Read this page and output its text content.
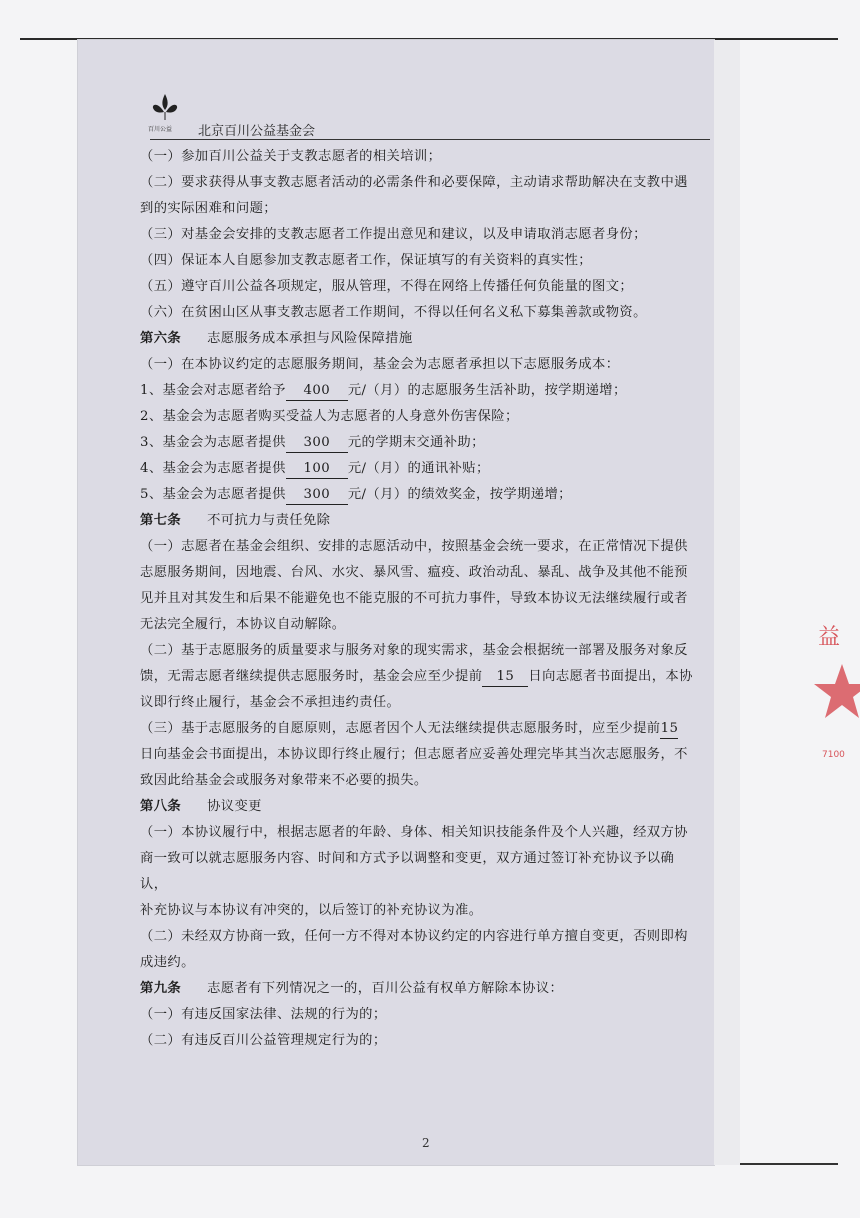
百川公益 北京百川公益基金会

（一）参加百川公益关于支教志愿者的相关培训；

（二）要求获得从事支教志愿者活动的必需条件和必要保障，主动请求帮助解决在支教中遇

到的实际困难和问题；

（三）对基金会安排的支教志愿者工作提出意见和建议，以及申请取消志愿者身份；

（四）保证本人自愿参加支教志愿者工作，保证填写的有关资料的真实性；

（五）遵守百川公益各项规定，服从管理，不得在网络上传播任何负能量的图文；

（六）在贫困山区从事支教志愿者工作期间，不得以任何名义私下募集善款或物资。

第六条 志愿服务成本承担与风险保障措施

（一）在本协议约定的志愿服务期间，基金会为志愿者承担以下志愿服务成本：

1、基金会对志愿者给予 400 元/（月）的志愿服务生活补助，按学期递增；

2、基金会为志愿者购买受益人为志愿者的人身意外伤害保险；

3、基金会为志愿者提供 300 元的学期末交通补助；

4、基金会为志愿者提供 100 元/（月）的通讯补贴；

5、基金会为志愿者提供 300 元/（月）的绩效奖金，按学期递增；

第七条 不可抗力与责任免除

（一）志愿者在基金会组织、安排的志愿活动中，按照基金会统一要求，在正常情况下提供

志愿服务期间，因地震、台风、水灾、暴风雪、瘟疫、政治动乱、暴乱、战争及其他不能预

见并且对其发生和后果不能避免也不能克服的不可抗力事件，导致本协议无法继续履行或者

无法完全履行，本协议自动解除。

（二）基于志愿服务的质量要求与服务对象的现实需求，基金会根据统一部署及服务对象反

馈，无需志愿者继续提供志愿服务时，基金会应至少提前 15 日向志愿者书面提出，本协

议即行终止履行，基金会不承担违约责任。

（三）基于志愿服务的自愿原则，志愿者因个人无法继续提供志愿服务时，应至少提前15

日向基金会书面提出，本协议即行终止履行；但志愿者应妥善处理完毕其当次志愿服务，不

致因此给基金会或服务对象带来不必要的损失。

第八条 协议变更

（一）本协议履行中，根据志愿者的年龄、身体、相关知识技能条件及个人兴趣，经双方协

商一致可以就志愿服务内容、时间和方式予以调整和变更，双方通过签订补充协议予以确认，

补充协议与本协议有冲突的，以后签订的补充协议为准。

（二）未经双方协商一致，任何一方不得对本协议约定的内容进行单方擅自变更，否则即构

成违约。

第九条 志愿者有下列情况之一的，百川公益有权单方解除本协议：

（一）有违反国家法律、法规的行为的；

（二）有违反百川公益管理规定行为的；

2
益
7100
